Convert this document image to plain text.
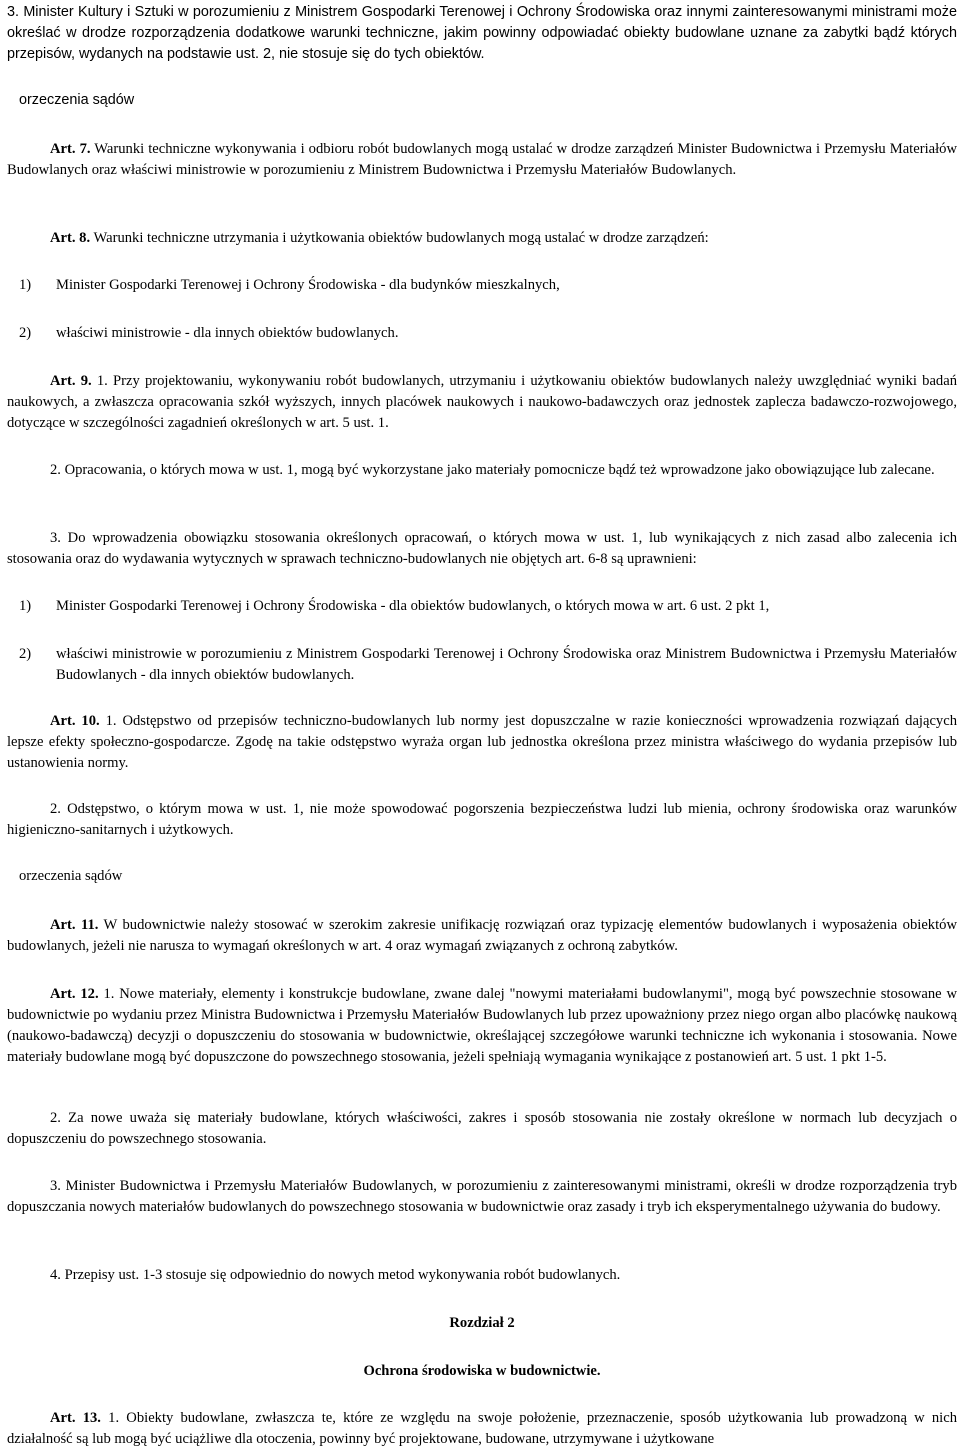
3. Minister Kultury i Sztuki w porozumieniu z Ministrem Gospodarki Terenowej i Ochrony Środowiska oraz innymi zainteresowanymi ministrami może określać w drodze rozporządzenia dodatkowe warunki techniczne, jakim powinny odpowiadać obiekty budowlane uznane za zabytki bądź których przepisów, wydanych na podstawie ust. 2, nie stosuje się do tych obiektów.

orzeczenia sądów

Art. 7. Warunki techniczne wykonywania i odbioru robót budowlanych mogą ustalać w drodze zarządzeń Minister Budownictwa i Przemysłu Materiałów Budowlanych oraz właściwi ministrowie w porozumieniu z Ministrem Budownictwa i Przemysłu Materiałów Budowlanych.

Art. 8. Warunki techniczne utrzymania i użytkowania obiektów budowlanych mogą ustalać w drodze zarządzeń:

1)	Minister Gospodarki Terenowej i Ochrony Środowiska - dla budynków mieszkalnych,
2)	właściwi ministrowie - dla innych obiektów budowlanych.

Art. 9. 1. Przy projektowaniu, wykonywaniu robót budowlanych, utrzymaniu i użytkowaniu obiektów budowlanych należy uwzględniać wyniki badań naukowych, a zwłaszcza opracowania szkół wyższych, innych placówek naukowych i naukowo-badawczych oraz jednostek zaplecza badawczo-rozwojowego, dotyczące w szczególności zagadnień określonych w art. 5 ust. 1.

2. Opracowania, o których mowa w ust. 1, mogą być wykorzystane jako materiały pomocnicze bądź też wprowadzone jako obowiązujące lub zalecane.

3. Do wprowadzenia obowiązku stosowania określonych opracowań, o których mowa w ust. 1, lub wynikających z nich zasad albo zalecenia ich stosowania oraz do wydawania wytycznych w sprawach techniczno-budowlanych nie objętych art. 6-8 są uprawnieni:

1)	Minister Gospodarki Terenowej i Ochrony Środowiska - dla obiektów budowlanych, o których mowa w art. 6 ust. 2 pkt 1,
2)	właściwi ministrowie w porozumieniu z Ministrem Gospodarki Terenowej i Ochrony Środowiska oraz Ministrem Budownictwa i Przemysłu Materiałów Budowlanych - dla innych obiektów budowlanych.

Art. 10. 1. Odstępstwo od przepisów techniczno-budowlanych lub normy jest dopuszczalne w razie konieczności wprowadzenia rozwiązań dających lepsze efekty społeczno-gospodarcze. Zgodę na takie odstępstwo wyraża organ lub jednostka określona przez ministra właściwego do wydania przepisów lub ustanowienia normy.

2. Odstępstwo, o którym mowa w ust. 1, nie może spowodować pogorszenia bezpieczeństwa ludzi lub mienia, ochrony środowiska oraz warunków higieniczno-sanitarnych i użytkowych.

orzeczenia sądów

Art. 11. W budownictwie należy stosować w szerokim zakresie unifikację rozwiązań oraz typizację elementów budowlanych i wyposażenia obiektów budowlanych, jeżeli nie narusza to wymagań określonych w art. 4 oraz wymagań związanych z ochroną zabytków.

Art. 12. 1. Nowe materiały, elementy i konstrukcje budowlane, zwane dalej "nowymi materiałami budowlanymi", mogą być powszechnie stosowane w budownictwie po wydaniu przez Ministra Budownictwa i Przemysłu Materiałów Budowlanych lub przez upoważniony przez niego organ albo placówkę naukową (naukowo-badawczą) decyzji o dopuszczeniu do stosowania w budownictwie, określającej szczegółowe warunki techniczne ich wykonania i stosowania. Nowe materiały budowlane mogą być dopuszczone do powszechnego stosowania, jeżeli spełniają wymagania wynikające z postanowień art. 5 ust. 1 pkt 1-5.

2. Za nowe uważa się materiały budowlane, których właściwości, zakres i sposób stosowania nie zostały określone w normach lub decyzjach o dopuszczeniu do powszechnego stosowania.

3. Minister Budownictwa i Przemysłu Materiałów Budowlanych, w porozumieniu z zainteresowanymi ministrami, określi w drodze rozporządzenia tryb dopuszczania nowych materiałów budowlanych do powszechnego stosowania w budownictwie oraz zasady i tryb ich eksperymentalnego używania do budowy.

4. Przepisy ust. 1-3 stosuje się odpowiednio do nowych metod wykonywania robót budowlanych.

Rozdział 2
Ochrona środowiska w budownictwie.

Art. 13. 1. Obiekty budowlane, zwłaszcza te, które ze względu na swoje położenie, przeznaczenie, sposób użytkowania lub prowadzoną w nich działalność są lub mogą być uciążliwe dla otoczenia, powinny być projektowane, budowane, utrzymywane i użytkowane
